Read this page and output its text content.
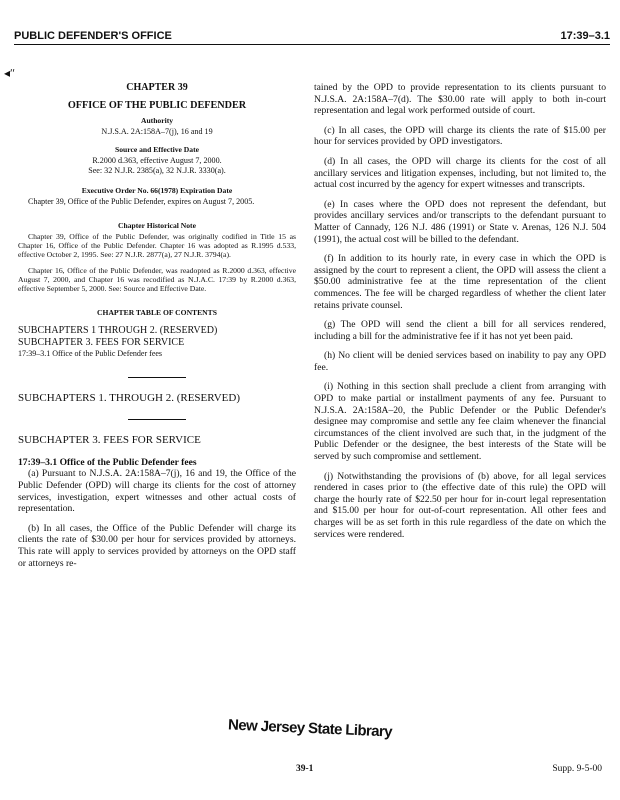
PUBLIC DEFENDER'S OFFICE	17:39–3.1
◂ʺ

CHAPTER 39

OFFICE OF THE PUBLIC DEFENDER

Authority

N.J.S.A. 2A:158A–7(j), 16 and 19

Source and Effective Date

R.2000 d.363, effective August 7, 2000.

See: 32 N.J.R. 2385(a), 32 N.J.R. 3330(a).

Executive Order No. 66(1978) Expiration Date

Chapter 39, Office of the Public Defender, expires on August 7, 2005.

Chapter Historical Note

Chapter 39, Office of the Public Defender, was originally codified in Title 15 as Chapter 16, Office of the Public Defender. Chapter 16 was adopted as R.1995 d.533, effective October 2, 1995. See: 27 N.J.R. 2877(a), 27 N.J.R. 3794(a).

Chapter 16, Office of the Public Defender, was readopted as R.2000 d.363, effective August 7, 2000, and Chapter 16 was recodified as N.J.A.C. 17:39 by R.2000 d.363, effective September 5, 2000. See: Source and Effective Date.

CHAPTER TABLE OF CONTENTS

SUBCHAPTERS 1 THROUGH 2. (RESERVED)

SUBCHAPTER 3. FEES FOR SERVICE

17:39–3.1 Office of the Public Defender fees

SUBCHAPTERS 1. THROUGH 2. (RESERVED)

SUBCHAPTER 3. FEES FOR SERVICE

17:39–3.1 Office of the Public Defender fees

(a) Pursuant to N.J.S.A. 2A:158A–7(j), 16 and 19, the Office of the Public Defender (OPD) will charge its clients for the cost of attorney services, investigation, expert witnesses and other actual costs of representation.

(b) In all cases, the Office of the Public Defender will charge its clients the rate of $30.00 per hour for services provided by attorneys. This rate will apply to services provided by attorneys on the OPD staff or attorneys re-

tained by the OPD to provide representation to its clients pursuant to N.J.S.A. 2A:158A–7(d). The $30.00 rate will apply to both in-court representation and legal work performed outside of court.

(c) In all cases, the OPD will charge its clients the rate of $15.00 per hour for services provided by OPD investigators.

(d) In all cases, the OPD will charge its clients for the cost of all ancillary services and litigation expenses, including, but not limited to, the actual cost incurred by the agency for expert witnesses and transcripts.

(e) In cases where the OPD does not represent the defendant, but provides ancillary services and/or transcripts to the defendant pursuant to Matter of Cannady, 126 N.J. 486 (1991) or State v. Arenas, 126 N.J. 504 (1991), the actual cost will be billed to the defendant.

(f) In addition to its hourly rate, in every case in which the OPD is assigned by the court to represent a client, the OPD will assess the client a $50.00 administrative fee at the time representation of the client commences. The fee will be charged regardless of whether the client later retains private counsel.

(g) The OPD will send the client a bill for all services rendered, including a bill for the administrative fee if it has not yet been paid.

(h) No client will be denied services based on inability to pay any OPD fee.

(i) Nothing in this section shall preclude a client from arranging with OPD to make partial or installment payments of any fee. Pursuant to N.J.S.A. 2A:158A–20, the Public Defender or the Public Defender's designee may compromise and settle any fee claim whenever the financial circumstances of the client involved are such that, in the judgment of the Public Defender or the designee, the best interests of the State will be served by such compromise and settlement.

(j) Notwithstanding the provisions of (b) above, for all legal services rendered in cases prior to (the effective date of this rule) the OPD will charge the hourly rate of $22.50 per hour for in-court legal representation and $15.00 per hour for out-of-court representation. All other fees and charges will be as set forth in this rule regardless of the date on which the services were rendered.

New Jersey State Library
39-1	Supp. 9-5-00
